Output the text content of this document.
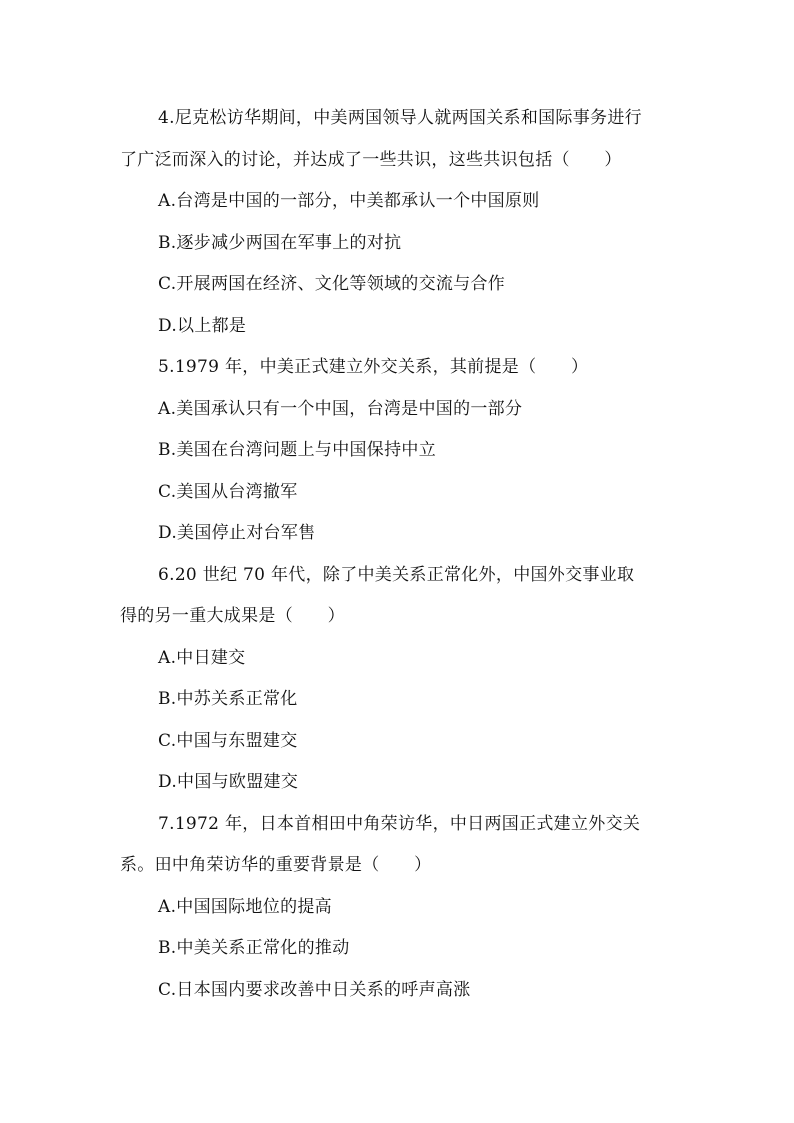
4.尼克松访华期间，中美两国领导人就两国关系和国际事务进行
了广泛而深入的讨论，并达成了一些共识，这些共识包括（　　）
A.台湾是中国的一部分，中美都承认一个中国原则
B.逐步减少两国在军事上的对抗
C.开展两国在经济、文化等领域的交流与合作
D.以上都是
5.1979 年，中美正式建立外交关系，其前提是（　　）
A.美国承认只有一个中国，台湾是中国的一部分
B.美国在台湾问题上与中国保持中立
C.美国从台湾撤军
D.美国停止对台军售
6.20 世纪 70 年代，除了中美关系正常化外，中国外交事业取
得的另一重大成果是（　　）
A.中日建交
B.中苏关系正常化
C.中国与东盟建交
D.中国与欧盟建交
7.1972 年，日本首相田中角荣访华，中日两国正式建立外交关
系。田中角荣访华的重要背景是（　　）
A.中国国际地位的提高
B.中美关系正常化的推动
C.日本国内要求改善中日关系的呼声高涨
